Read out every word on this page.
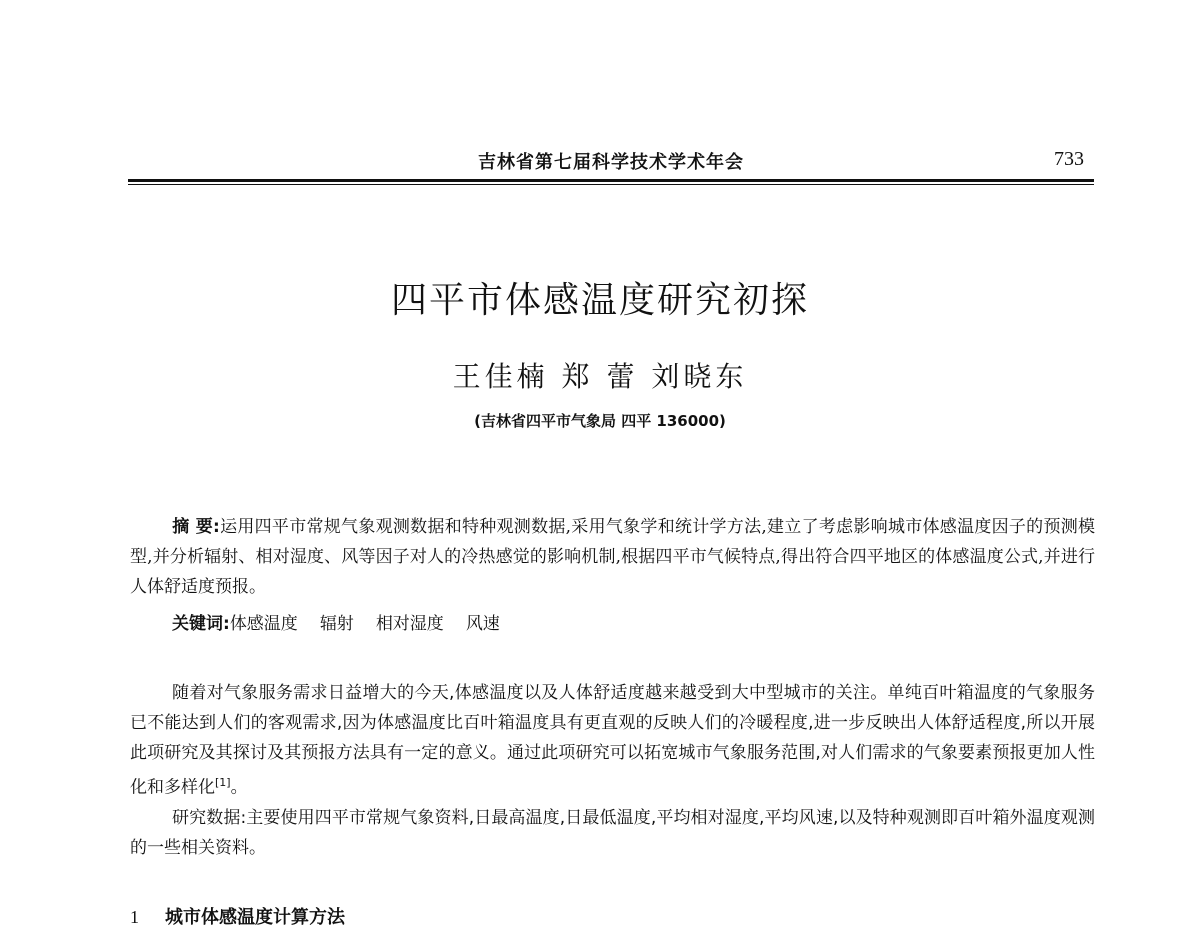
吉林省第七届科学技术学术年会	733
四平市体感温度研究初探
王佳楠 郑 蕾 刘晓东
(吉林省四平市气象局 四平 136000)
摘 要:运用四平市常规气象观测数据和特种观测数据,采用气象学和统计学方法,建立了考虑影响城市体感温度因子的预测模型,并分析辐射、相对湿度、风等因子对人的冷热感觉的影响机制,根据四平市气候特点,得出符合四平地区的体感温度公式,并进行人体舒适度预报。
关键词:体感温度 辐射 相对湿度 风速

随着对气象服务需求日益增大的今天,体感温度以及人体舒适度越来越受到大中型城市的关注。单纯百叶箱温度的气象服务已不能达到人们的客观需求,因为体感温度比百叶箱温度具有更直观的反映人们的冷暖程度,进一步反映出人体舒适程度,所以开展此项研究及其探讨及其预报方法具有一定的意义。通过此项研究可以拓宽城市气象服务范围,对人们需求的气象要素预报更加人性化和多样化[1]。

研究数据:主要使用四平市常规气象资料,日最高温度,日最低温度,平均相对湿度,平均风速,以及特种观测即百叶箱外温度观测的一些相关资料。

1 城市体感温度计算方法
